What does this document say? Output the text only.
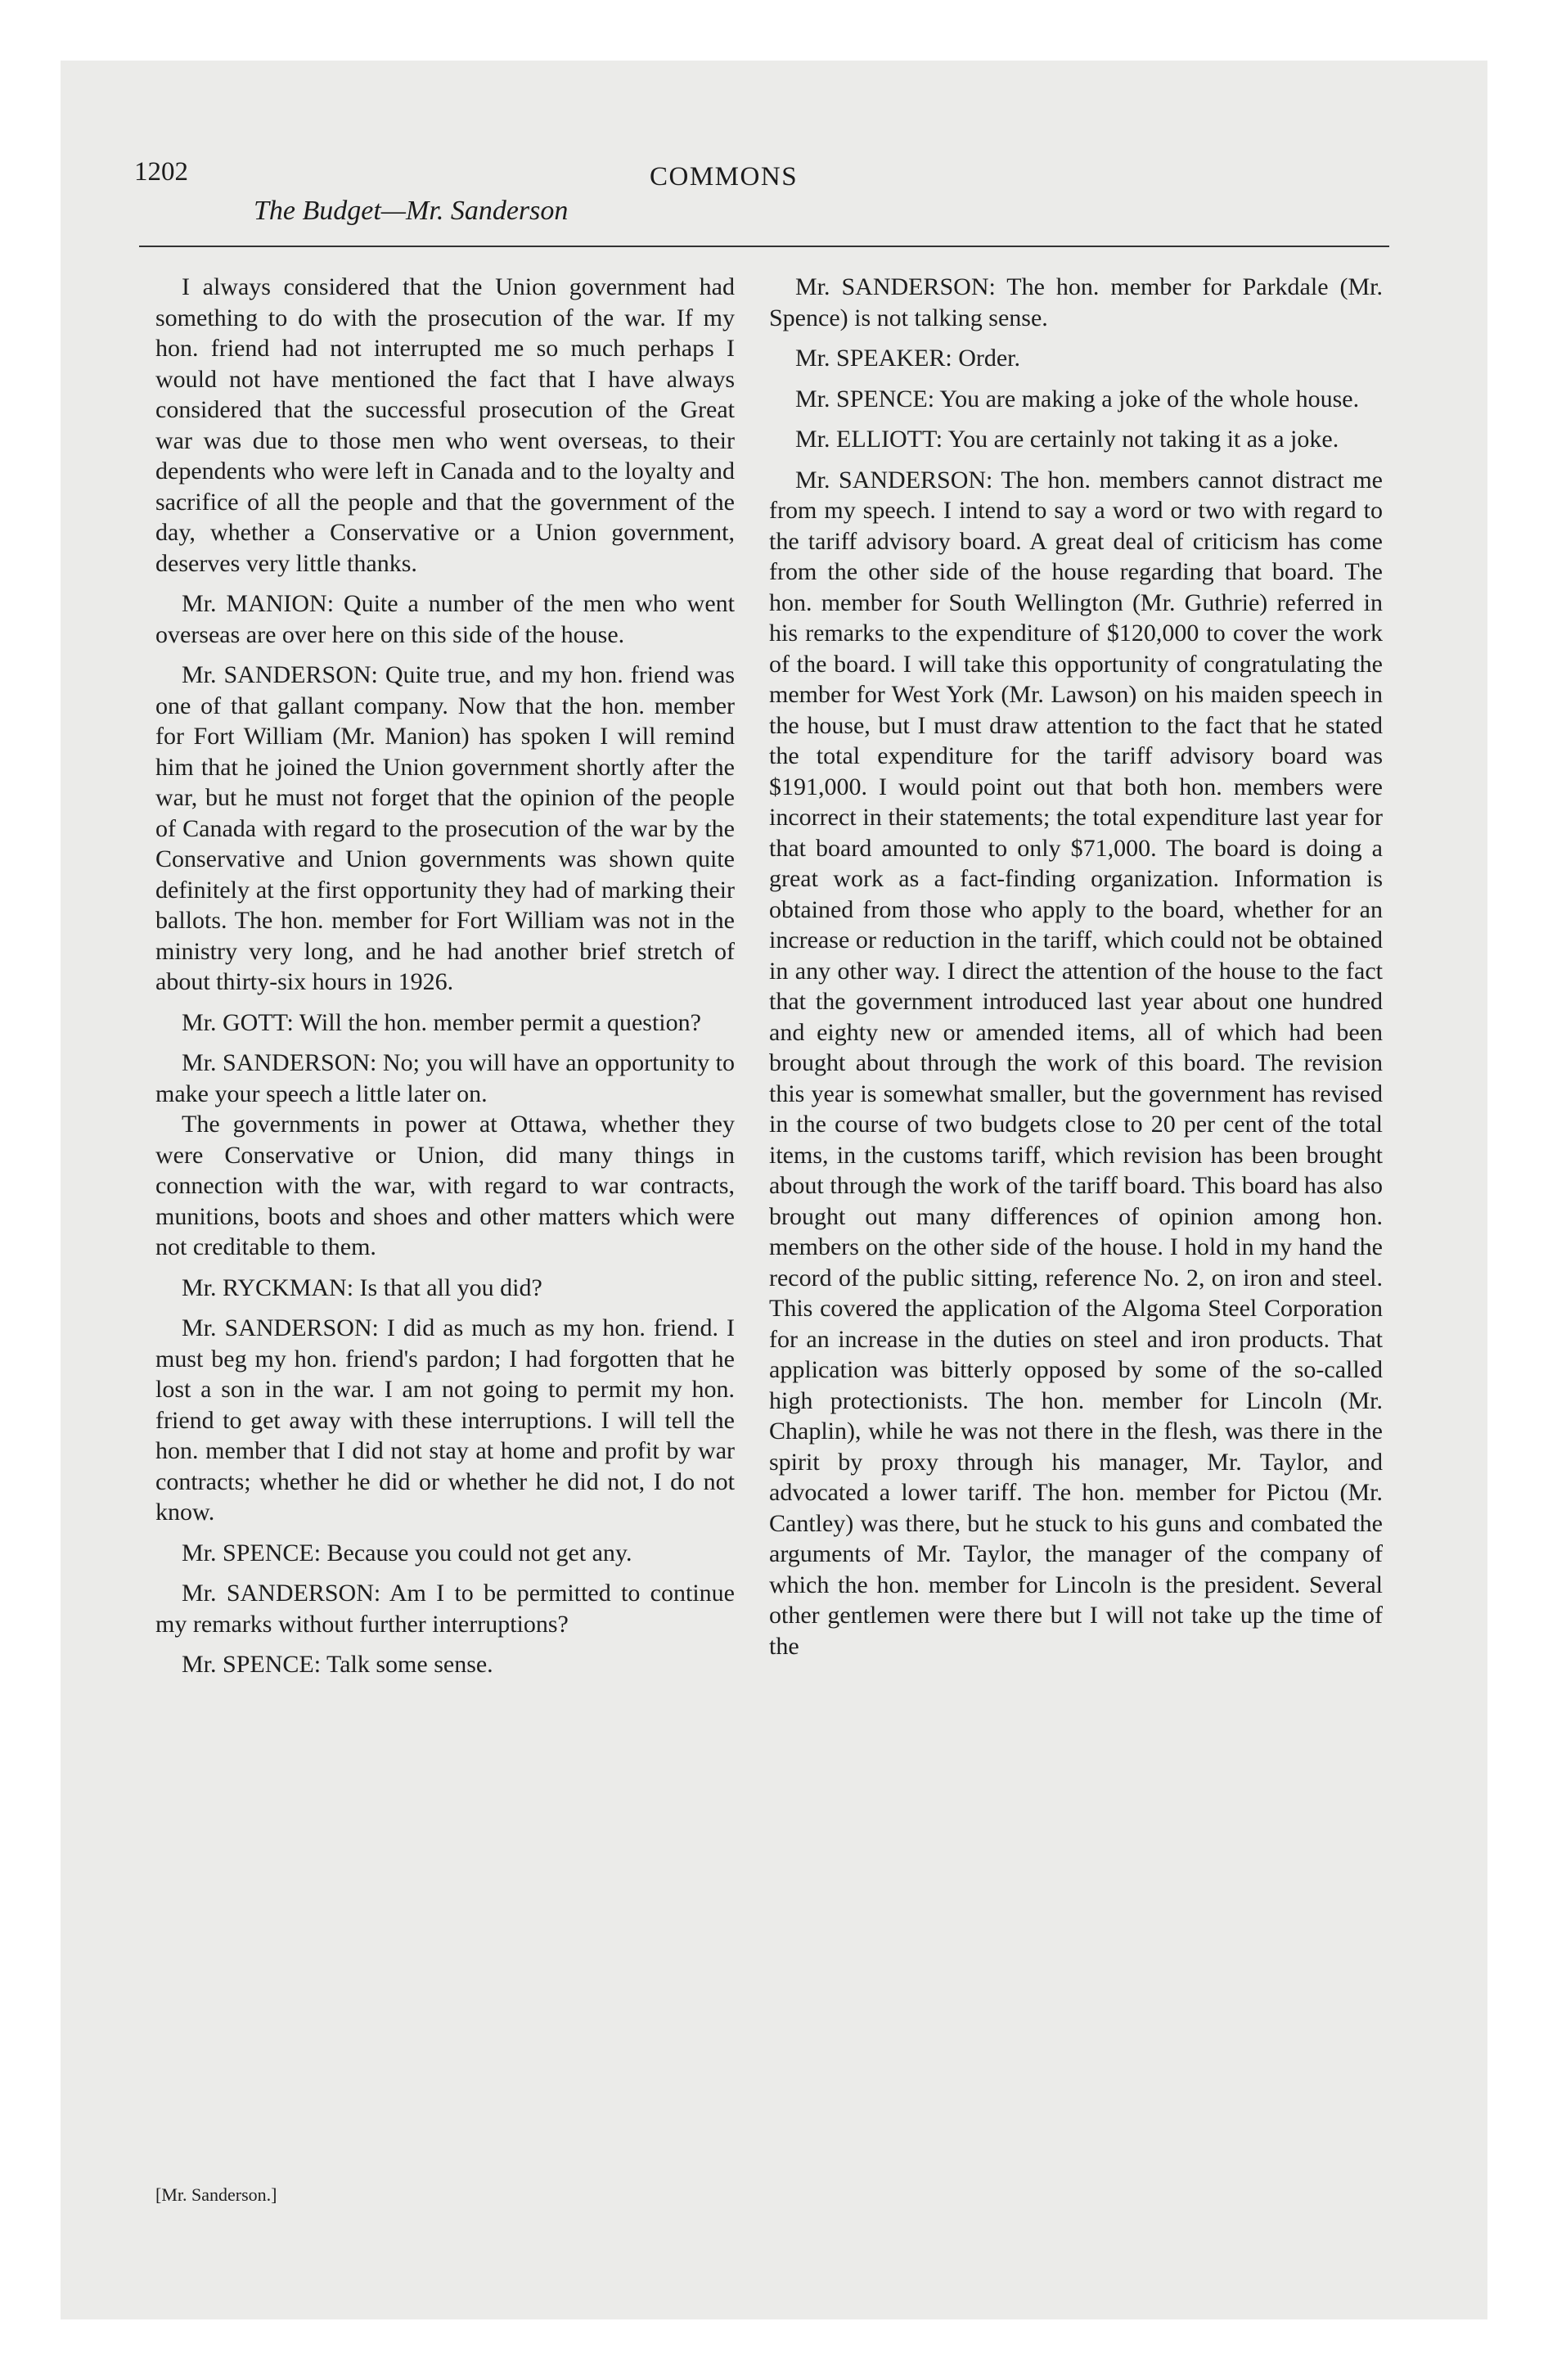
1202	COMMONS
The Budget—Mr. Sanderson

I always considered that the Union government had something to do with the prosecution of the war. If my hon. friend had not interrupted me so much perhaps I would not have mentioned the fact that I have always considered that the successful prosecution of the Great war was due to those men who went overseas, to their dependents who were left in Canada and to the loyalty and sacrifice of all the people and that the government of the day, whether a Conservative or a Union government, deserves very little thanks.

Mr. MANION: Quite a number of the men who went overseas are over here on this side of the house.

Mr. SANDERSON: Quite true, and my hon. friend was one of that gallant company. Now that the hon. member for Fort William (Mr. Manion) has spoken I will remind him that he joined the Union government shortly after the war, but he must not forget that the opinion of the people of Canada with regard to the prosecution of the war by the Conservative and Union governments was shown quite definitely at the first opportunity they had of marking their ballots. The hon. member for Fort William was not in the ministry very long, and he had another brief stretch of about thirty-six hours in 1926.

Mr. GOTT: Will the hon. member permit a question?

Mr. SANDERSON: No; you will have an opportunity to make your speech a little later on.

The governments in power at Ottawa, whether they were Conservative or Union, did many things in connection with the war, with regard to war contracts, munitions, boots and shoes and other matters which were not creditable to them.

Mr. RYCKMAN: Is that all you did?

Mr. SANDERSON: I did as much as my hon. friend. I must beg my hon. friend's pardon; I had forgotten that he lost a son in the war. I am not going to permit my hon. friend to get away with these interruptions. I will tell the hon. member that I did not stay at home and profit by war contracts; whether he did or whether he did not, I do not know.

Mr. SPENCE: Because you could not get any.

Mr. SANDERSON: Am I to be permitted to continue my remarks without further interruptions?

Mr. SPENCE: Talk some sense.

Mr. SANDERSON: The hon. member for Parkdale (Mr. Spence) is not talking sense.

Mr. SPEAKER: Order.

Mr. SPENCE: You are making a joke of the whole house.

Mr. ELLIOTT: You are certainly not taking it as a joke.

Mr. SANDERSON: The hon. members cannot distract me from my speech. I intend to say a word or two with regard to the tariff advisory board. A great deal of criticism has come from the other side of the house regarding that board. The hon. member for South Wellington (Mr. Guthrie) referred in his remarks to the expenditure of $120,000 to cover the work of the board. I will take this opportunity of congratulating the member for West York (Mr. Lawson) on his maiden speech in the house, but I must draw attention to the fact that he stated the total expenditure for the tariff advisory board was $191,000. I would point out that both hon. members were incorrect in their statements; the total expenditure last year for that board amounted to only $71,000. The board is doing a great work as a fact-finding organization. Information is obtained from those who apply to the board, whether for an increase or reduction in the tariff, which could not be obtained in any other way. I direct the attention of the house to the fact that the government introduced last year about one hundred and eighty new or amended items, all of which had been brought about through the work of this board. The revision this year is somewhat smaller, but the government has revised in the course of two budgets close to 20 per cent of the total items, in the customs tariff, which revision has been brought about through the work of the tariff board. This board has also brought out many differences of opinion among hon. members on the other side of the house. I hold in my hand the record of the public sitting, reference No. 2, on iron and steel. This covered the application of the Algoma Steel Corporation for an increase in the duties on steel and iron products. That application was bitterly opposed by some of the so-called high protectionists. The hon. member for Lincoln (Mr. Chaplin), while he was not there in the flesh, was there in the spirit by proxy through his manager, Mr. Taylor, and advocated a lower tariff. The hon. member for Pictou (Mr. Cantley) was there, but he stuck to his guns and combated the arguments of Mr. Taylor, the manager of the company of which the hon. member for Lincoln is the president. Several other gentlemen were there but I will not take up the time of the

[Mr. Sanderson.]
